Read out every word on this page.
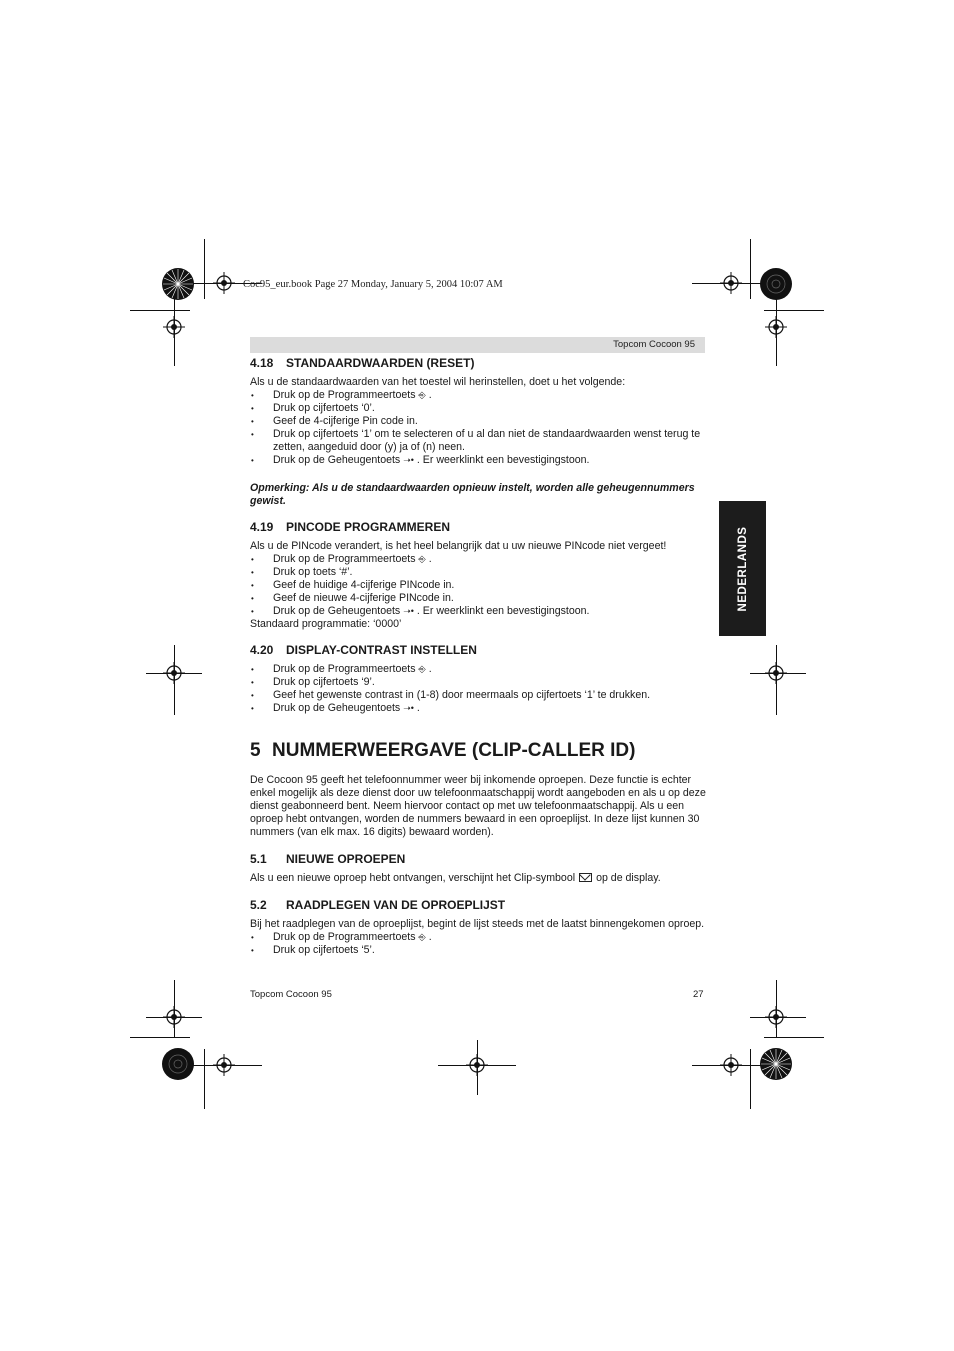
Coc95_eur.book Page 27 Monday, January 5, 2004 10:07 AM
Topcom Cocoon 95
NEDERLANDS
4.18 STANDAARDWAARDEN (RESET)

Als u de standaardwaarden van het toestel wil herinstellen, doet u het volgende:

• Druk op de Programmeertoets ⎆ .
• Druk op cijfertoets ‘0’.
• Geef de 4-cijferige Pin code in.
• Druk op cijfertoets ‘1’ om te selecteren of u al dan niet de standaardwaarden wenst terug te zetten, aangeduid door (y) ja of (n) neen.
• Druk op de Geheugentoets ➝• . Er weerklinkt een bevestigingstoon.

Opmerking: Als u de standaardwaarden opnieuw instelt, worden alle geheugennummers gewist.

4.19 PINCODE PROGRAMMEREN

Als u de PINcode verandert, is het heel belangrijk dat u uw nieuwe PINcode niet vergeet!

• Druk op de Programmeertoets ⎆ .
• Druk op toets ‘#’.
• Geef de huidige 4-cijferige PINcode in.
• Geef de nieuwe 4-cijferige PINcode in.
• Druk op de Geheugentoets ➝• . Er weerklinkt een bevestigingstoon.

Standaard programmatie: ‘0000’

4.20 DISPLAY-CONTRAST INSTELLEN
• Druk op de Programmeertoets ⎆ .
• Druk op cijfertoets ‘9’.
• Geef het gewenste contrast in (1-8) door meermaals op cijfertoets ‘1’ te drukken.
• Druk op de Geheugentoets ➝• .
5 NUMMERWEERGAVE (CLIP-CALLER ID)

De Cocoon 95 geeft het telefoonnummer weer bij inkomende oproepen. Deze functie is echter enkel mogelijk als deze dienst door uw telefoonmaatschappij wordt aangeboden en als u op deze dienst geabonneerd bent. Neem hiervoor contact op met uw telefoonmaatschappij. Als u een oproep hebt ontvangen, worden de nummers bewaard in een oproeplijst. In deze lijst kunnen 30 nummers (van elk max. 16 digits) bewaard worden).

5.1 NIEUWE OPROEPEN

Als u een nieuwe oproep hebt ontvangen, verschijnt het Clip-symbool op de display.

5.2 RAADPLEGEN VAN DE OPROEPLIJST

Bij het raadplegen van de oproeplijst, begint de lijst steeds met de laatst binnengekomen oproep.

• Druk op de Programmeertoets ⎆ .
• Druk op cijfertoets ‘5’.
Topcom Cocoon 95	27
